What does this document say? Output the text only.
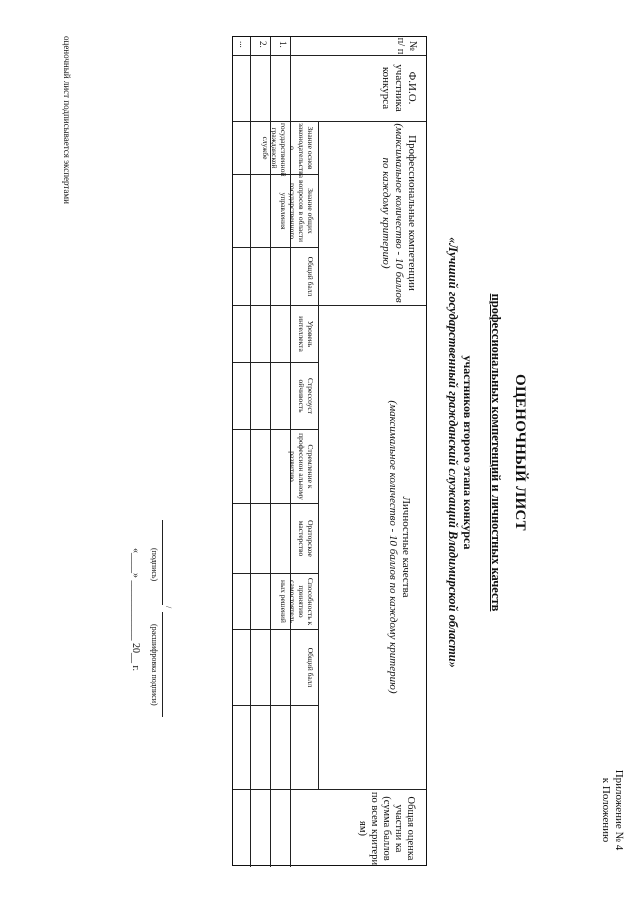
Приложение № 4
к Положению
ОЦЕНОЧНЫЙ ЛИСТ
профессиональных компетенций и личностных качеств
участников второго этапа конкурса
«Лучший государственный гражданский служащий Владимирской области»
№ п/ п
Ф.И.О. участника конкурса
Профессиональные компетенции
(максимальное количество - 10 баллов по каждому критерию)
Знание основ законодательства о государственной гражданской службе
Знание общих вопросов в области государственного управления
Общий балл
Личностные качества
(максимальное количество - 10 баллов по каждому критерию)
Уровень интеллекта
Стрессоуст ойчивость
Стремление к профессион альному развитию
Ораторское мастерство
Способность к принятию самостоятель ных решений
Общий балл
Общая оценка участни ка (сумма баллов по всем критери ям)
1.
2.
...
/
(подпись)
(расшифровка подписи)
«____» ____________ 20__ г.
оценочный лист подписывается экспертами
